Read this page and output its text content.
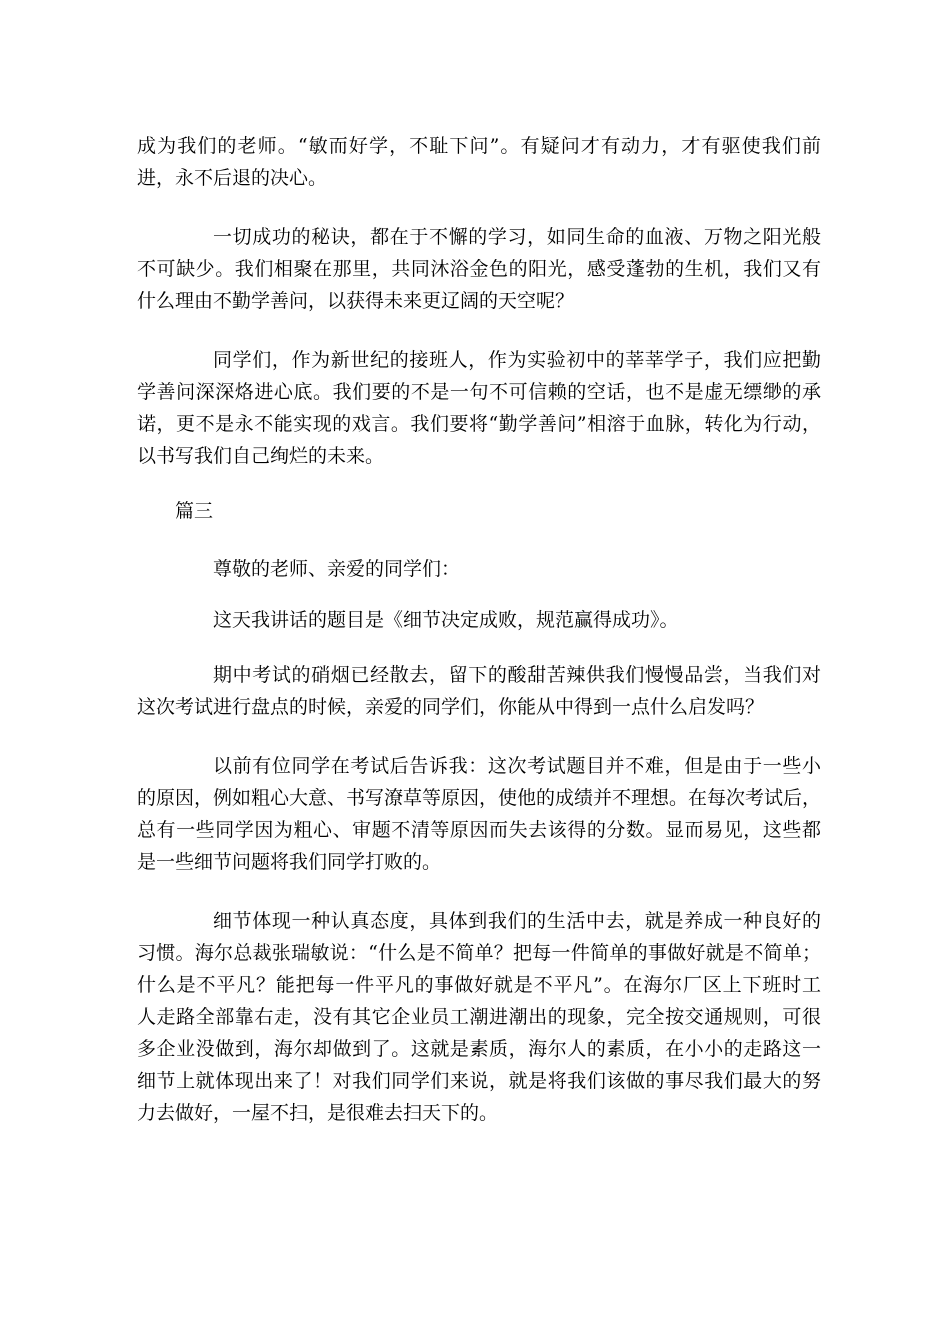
成为我们的老师。“敏而好学，不耻下问”。有疑问才有动力，才有驱使我们前
进，永不后退的决心。
一切成功的秘诀，都在于不懈的学习，如同生命的血液、万物之阳光般
不可缺少。我们相聚在那里，共同沐浴金色的阳光，感受蓬勃的生机，我们又有
什么理由不勤学善问，以获得未来更辽阔的天空呢？
同学们，作为新世纪的接班人，作为实验初中的莘莘学子，我们应把勤
学善问深深烙进心底。我们要的不是一句不可信赖的空话，也不是虚无缥缈的承
诺，更不是永不能实现的戏言。我们要将“勤学善问”相溶于血脉，转化为行动，
以书写我们自己绚烂的未来。
篇三
尊敬的老师、亲爱的同学们：
这天我讲话的题目是《细节决定成败，规范赢得成功》。
期中考试的硝烟已经散去，留下的酸甜苦辣供我们慢慢品尝，当我们对
这次考试进行盘点的时候，亲爱的同学们，你能从中得到一点什么启发吗？
以前有位同学在考试后告诉我：这次考试题目并不难，但是由于一些小
的原因，例如粗心大意、书写潦草等原因，使他的成绩并不理想。在每次考试后，
总有一些同学因为粗心、审题不清等原因而失去该得的分数。显而易见，这些都
是一些细节问题将我们同学打败的。
细节体现一种认真态度，具体到我们的生活中去，就是养成一种良好的
习惯。海尔总裁张瑞敏说：“什么是不简单？把每一件简单的事做好就是不简单；
什么是不平凡？能把每一件平凡的事做好就是不平凡”。在海尔厂区上下班时工
人走路全部靠右走，没有其它企业员工潮进潮出的现象，完全按交通规则，可很
多企业没做到，海尔却做到了。这就是素质，海尔人的素质，在小小的走路这一
细节上就体现出来了！对我们同学们来说，就是将我们该做的事尽我们最大的努
力去做好，一屋不扫，是很难去扫天下的。
